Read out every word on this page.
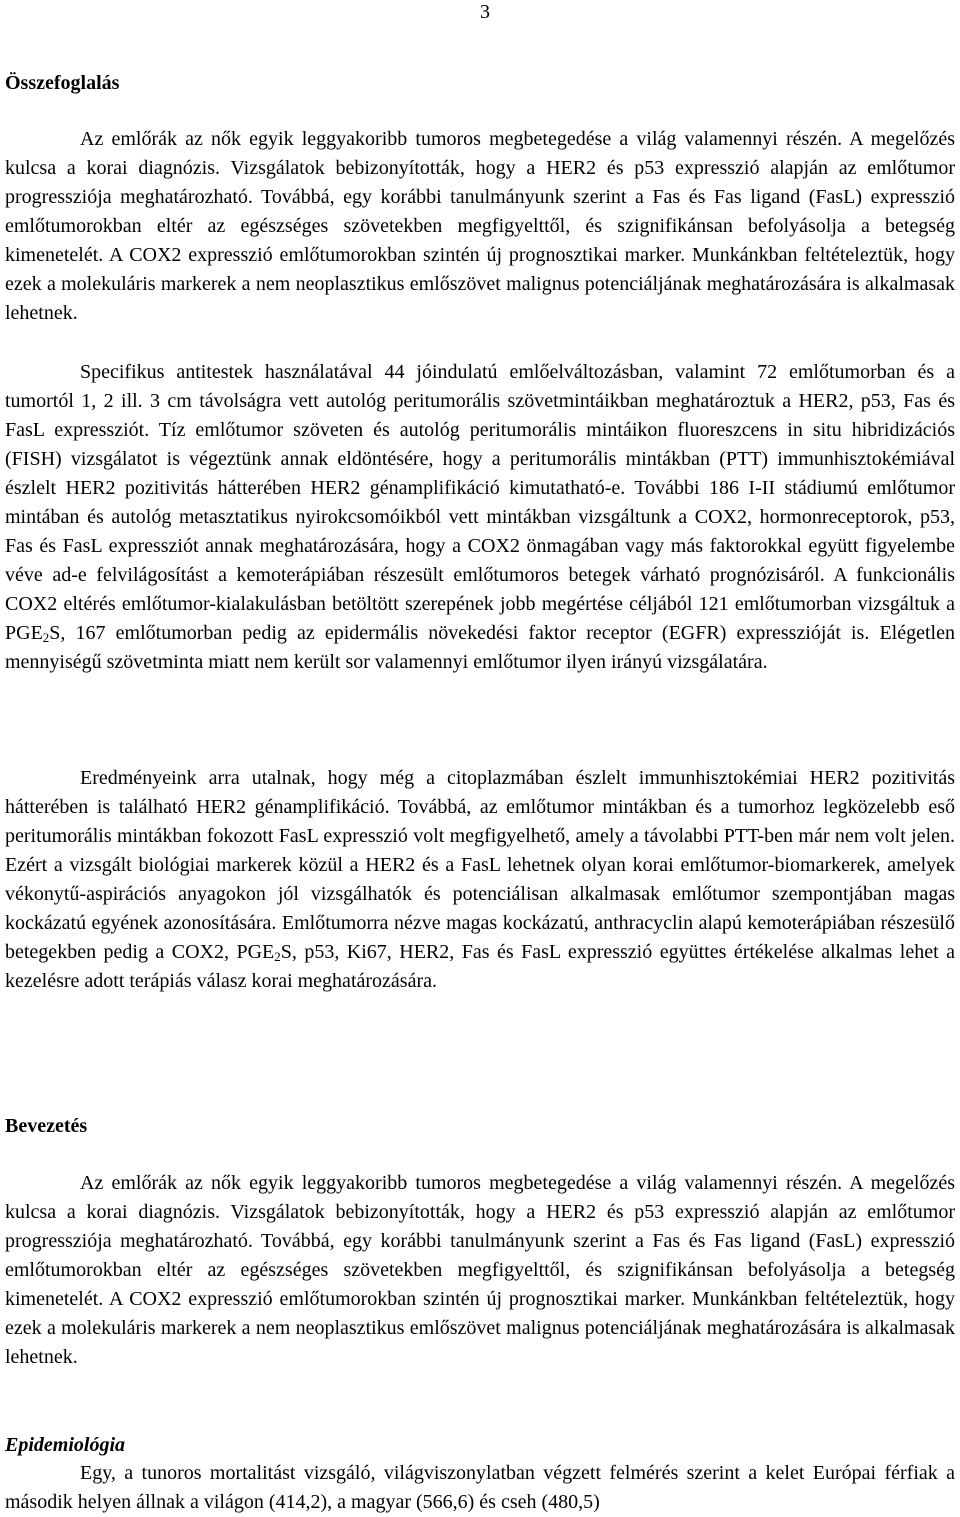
3
Összefoglalás

Az emlőrák az nők egyik leggyakoribb tumoros megbetegedése a világ valamennyi részén. A megelőzés kulcsa a korai diagnózis. Vizsgálatok bebizonyították, hogy a HER2 és p53 expresszió alapján az emlőtumor progressziója meghatározható. Továbbá, egy korábbi tanulmányunk szerint a Fas és Fas ligand (FasL) expresszió emlőtumorokban eltér az egészséges szövetekben megfigyelttől, és szignifikánsan befolyásolja a betegség kimenetelét. A COX2 expresszió emlőtumorokban szintén új prognosztikai marker. Munkánkban feltételeztük, hogy ezek a molekuláris markerek a nem neoplasztikus emlőszövet malignus potenciáljának meghatározására is alkalmasak lehetnek.

Specifikus antitestek használatával 44 jóindulatú emlőelváltozásban, valamint 72 emlőtumorban és a tumortól 1, 2 ill. 3 cm távolságra vett autológ peritumorális szövetmintáikban meghatároztuk a HER2, p53, Fas és FasL expressziót. Tíz emlőtumor szöveten és autológ peritumorális mintáikon fluoreszcens in situ hibridizációs (FISH) vizsgálatot is végeztünk annak eldöntésére, hogy a peritumorális mintákban (PTT) immunhisztokémiával észlelt HER2 pozitivitás hátterében HER2 génamplifikáció kimutatható-e. További 186 I-II stádiumú emlőtumor mintában és autológ metasztatikus nyirokcsomóikból vett mintákban vizsgáltunk a COX2, hormonreceptorok, p53, Fas és FasL expressziót annak meghatározására, hogy a COX2 önmagában vagy más faktorokkal együtt figyelembe véve ad-e felvilágosítást a kemoterápiában részesült emlőtumoros betegek várható prognózisáról. A funkcionális COX2 eltérés emlőtumor-kialakulásban betöltött szerepének jobb megértése céljából 121 emlőtumorban vizsgáltuk a $PGE_2S$, 167 emlőtumorban pedig az epidermális növekedési faktor receptor (EGFR) expresszióját is. Elégetlen mennyiségű szövetminta miatt nem került sor valamennyi emlőtumor ilyen irányú vizsgálatára.

Eredményeink arra utalnak, hogy még a citoplazmában észlelt immunhisztokémiai HER2 pozitivitás hátterében is található HER2 génamplifikáció. Továbbá, az emlőtumor mintákban és a tumorhoz legközelebb eső peritumorális mintákban fokozott FasL expresszió volt megfigyelhető, amely a távolabbi PTT-ben már nem volt jelen. Ezért a vizsgált biológiai markerek közül a HER2 és a FasL lehetnek olyan korai emlőtumor-biomarkerek, amelyek vékonytű-aspirációs anyagokon jól vizsgálhatók és potenciálisan alkalmasak emlőtumor szempontjában magas kockázatú egyének azonosítására. Emlőtumorra nézve magas kockázatú, anthracyclin alapú kemoterápiában részesülő betegekben pedig a COX2, $PGE_2S$, p53, Ki67, HER2, Fas és FasL expresszió együttes értékelése alkalmas lehet a kezelésre adott terápiás válasz korai meghatározására.

Bevezetés

Az emlőrák az nők egyik leggyakoribb tumoros megbetegedése a világ valamennyi részén. A megelőzés kulcsa a korai diagnózis. Vizsgálatok bebizonyították, hogy a HER2 és p53 expresszió alapján az emlőtumor progressziója meghatározható. Továbbá, egy korábbi tanulmányunk szerint a Fas és Fas ligand (FasL) expresszió emlőtumorokban eltér az egészséges szövetekben megfigyelttől, és szignifikánsan befolyásolja a betegség kimenetelét. A COX2 expresszió emlőtumorokban szintén új prognosztikai marker. Munkánkban feltételeztük, hogy ezek a molekuláris markerek a nem neoplasztikus emlőszövet malignus potenciáljának meghatározására is alkalmasak lehetnek.

Epidemiológia

Egy, a tunoros mortalitást vizsgáló, világviszonylatban végzett felmérés szerint a kelet Európai férfiak a második helyen állnak a világon (414,2), a magyar (566,6) és cseh (480,5)
